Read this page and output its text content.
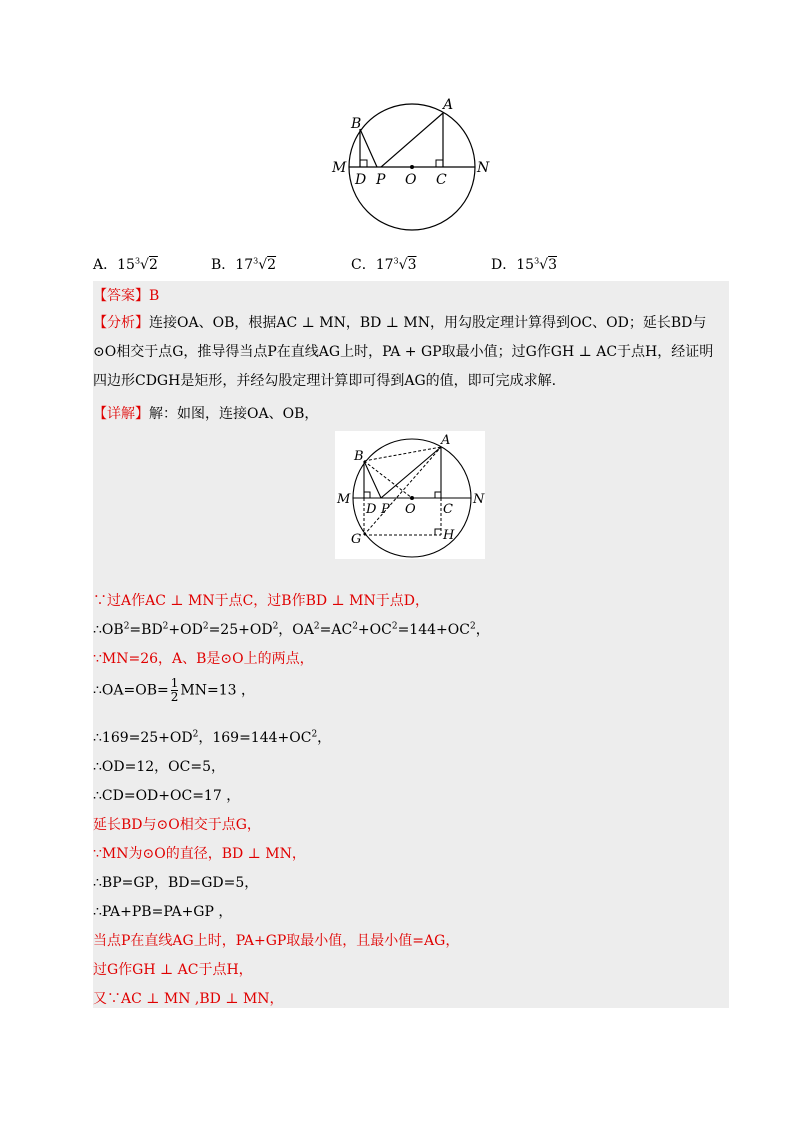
A
B
M
D P O C
N
A．$15^3√2$	B．$17^3√2$	C．$17^3√3$	D．$15^3√3$
【答案】B
【分析】连接OA、OB，根据AC ⊥ MN，BD ⊥ MN，用勾股定理计算得到OC、OD；延长BD与⊙O相交于点G，推导得当点P在直线AG上时，PA + GP取最小值；过G作GH ⊥ AC于点H，经证明四边形CDGH是矩形，并经勾股定理计算即可得到AG的值，即可完成求解.
【详解】解：如图，连接OA、OB，
A
B
M
D P O C
N
G	H
∵过A作AC ⊥ MN于点C，过B作BD ⊥ MN于点D，
$\therefore OB^2=BD^2+OD^2=25+OD^2$，$OA^2=AC^2+OC^2=144+OC^2$，
∵MN=26，A、B是⊙O上的两点，
∴OA=OB= $\frac{1}{2} MN=13$ ，
$\therefore 169=25+OD^2$，$169=144+OC^2$，
∴OD=12，OC=5，
∴CD=OD+OC=17 ，
延长BD与⊙O相交于点G，
∵MN为⊙O的直径，BD ⊥ MN，
∴BP=GP，BD=GD=5，
∴PA+PB=PA+GP ，
当点P在直线AG上时，PA+GP取最小值，且最小值=AG，
过G作GH ⊥ AC于点H，
又∵AC ⊥ MN ,BD ⊥ MN，
